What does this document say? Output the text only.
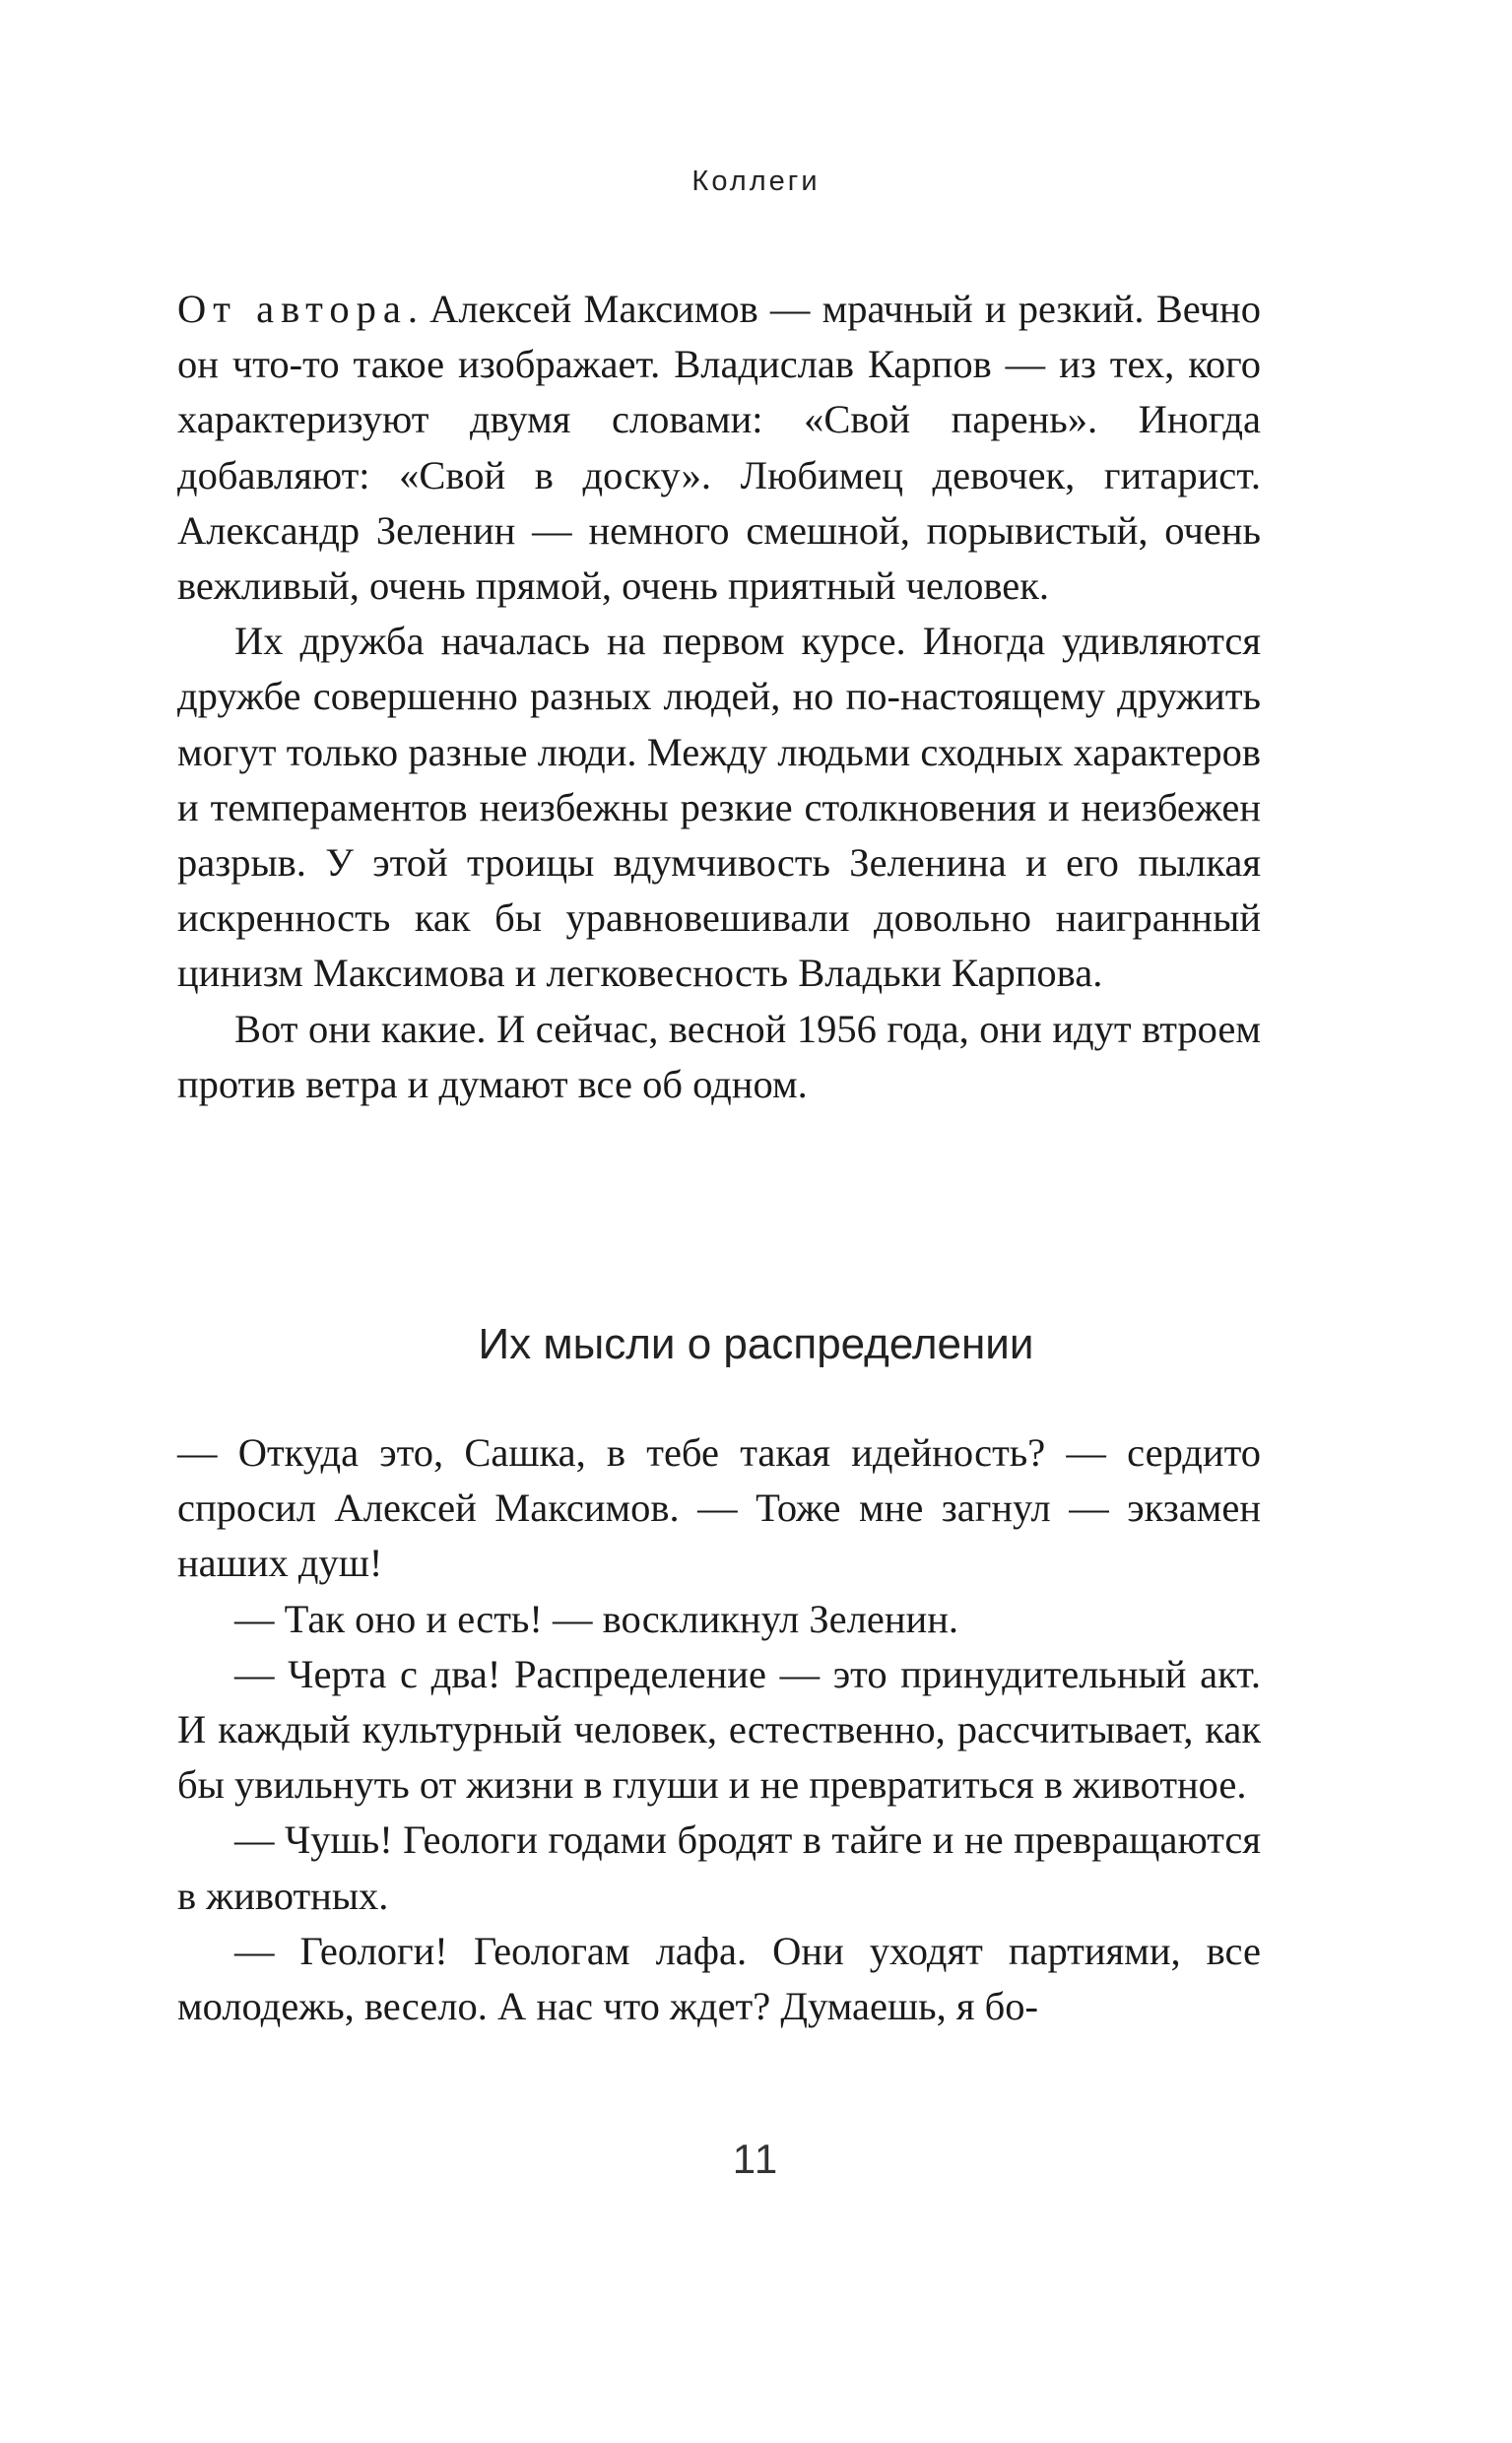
Коллеги

От автора. Алексей Максимов — мрачный и резкий. Вечно он что-то такое изображает. Владислав Карпов — из тех, кого характеризуют двумя словами: «Свой парень». Иногда добавляют: «Свой в доску». Любимец девочек, гитарист. Александр Зеленин — немного смешной, порывистый, очень вежливый, очень прямой, очень приятный человек.

Их дружба началась на первом курсе. Иногда удивляются дружбе совершенно разных людей, но по-настоящему дружить могут только разные люди. Между людьми сходных характеров и темпераментов неизбежны резкие столкновения и неизбежен разрыв. У этой троицы вдумчивость Зеленина и его пылкая искренность как бы уравновешивали довольно наигранный цинизм Максимова и легковесность Владьки Карпова.

Вот они какие. И сейчас, весной 1956 года, они идут втроем против ветра и думают все об одном.

Их мысли о распределении

— Откуда это, Сашка, в тебе такая идейность? — сердито спросил Алексей Максимов. — Тоже мне загнул — экзамен наших душ!

— Так оно и есть! — воскликнул Зеленин.

— Черта с два! Распределение — это принудительный акт. И каждый культурный человек, естественно, рассчитывает, как бы увильнуть от жизни в глуши и не превратиться в животное.

— Чушь! Геологи годами бродят в тайге и не превращаются в животных.

— Геологи! Геологам лафа. Они уходят партиями, все молодежь, весело. А нас что ждет? Думаешь, я бо-

11
